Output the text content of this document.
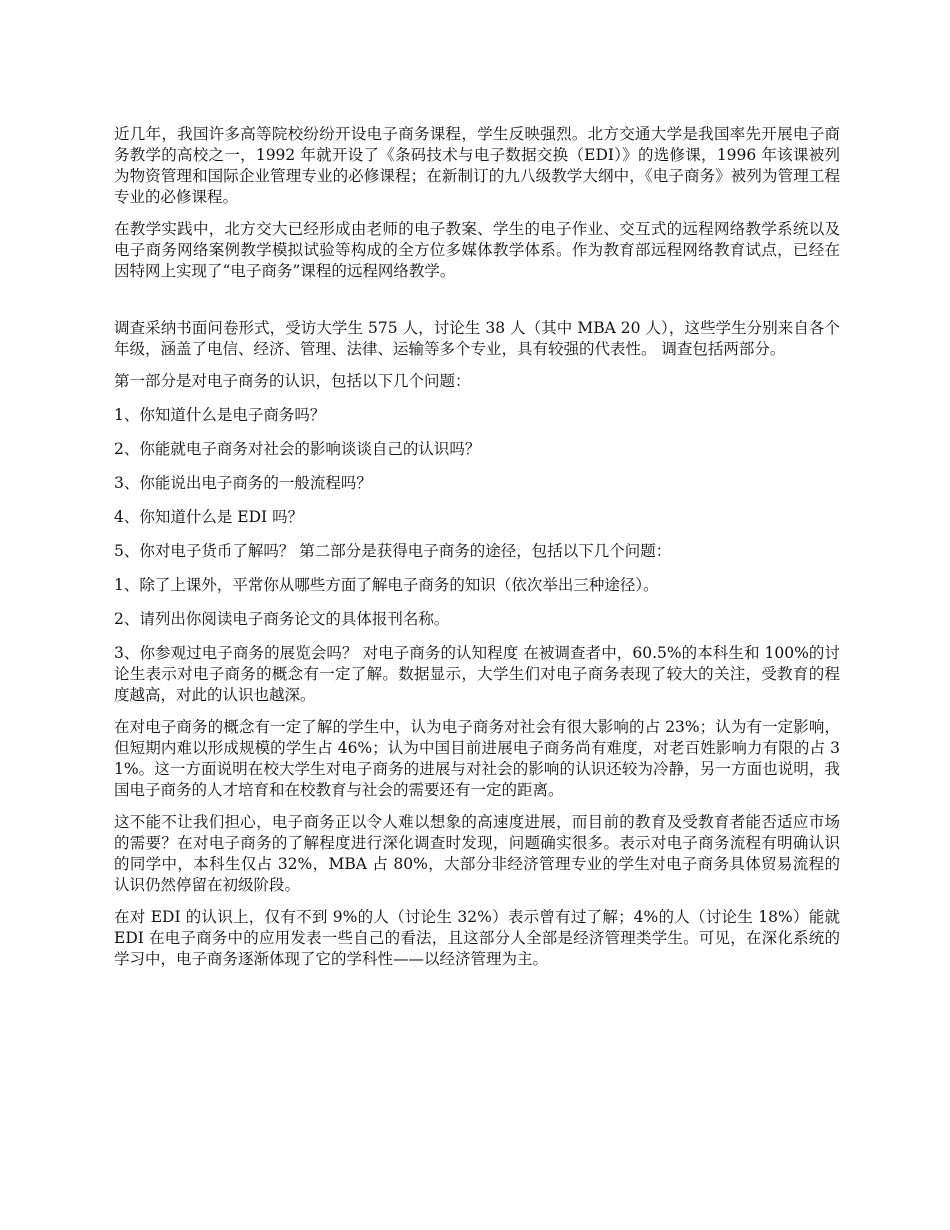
近几年，我国许多高等院校纷纷开设电子商务课程，学生反映强烈。北方交通大学是我国率先开展电子商务教学的高校之一，1992 年就开设了《条码技术与电子数据交换（EDI）》的选修课，1996 年该课被列为物资管理和国际企业管理专业的必修课程；在新制订的九八级教学大纲中，《电子商务》被列为管理工程专业的必修课程。

在教学实践中，北方交大已经形成由老师的电子教案、学生的电子作业、交互式的远程网络教学系统以及电子商务网络案例教学模拟试验等构成的全方位多媒体教学体系。作为教育部远程网络教育试点，已经在因特网上实现了“电子商务”课程的远程网络教学。

调查采纳书面问卷形式，受访大学生 575 人，讨论生 38 人（其中 MBA 20 人），这些学生分别来自各个年级，涵盖了电信、经济、管理、法律、运输等多个专业，具有较强的代表性。 调查包括两部分。

第一部分是对电子商务的认识，包括以下几个问题：

1、你知道什么是电子商务吗？

2、你能就电子商务对社会的影响谈谈自己的认识吗？

3、你能说出电子商务的一般流程吗？

4、你知道什么是 EDI 吗？

5、你对电子货币了解吗？ 第二部分是获得电子商务的途径，包括以下几个问题：

1、除了上课外，平常你从哪些方面了解电子商务的知识（依次举出三种途径）。

2、请列出你阅读电子商务论文的具体报刊名称。

3、你参观过电子商务的展览会吗？ 对电子商务的认知程度 在被调查者中，60.5%的本科生和 100%的讨论生表示对电子商务的概念有一定了解。数据显示，大学生们对电子商务表现了较大的关注，受教育的程度越高，对此的认识也越深。

在对电子商务的概念有一定了解的学生中，认为电子商务对社会有很大影响的占 23%；认为有一定影响，但短期内难以形成规模的学生占 46%；认为中国目前进展电子商务尚有难度，对老百姓影响力有限的占 31%。这一方面说明在校大学生对电子商务的进展与对社会的影响的认识还较为冷静，另一方面也说明，我国电子商务的人才培育和在校教育与社会的需要还有一定的距离。

这不能不让我们担心，电子商务正以令人难以想象的高速度进展，而目前的教育及受教育者能否适应市场的需要？在对电子商务的了解程度进行深化调查时发现，问题确实很多。表示对电子商务流程有明确认识的同学中，本科生仅占 32%，MBA 占 80%，大部分非经济管理专业的学生对电子商务具体贸易流程的认识仍然停留在初级阶段。

在对 EDI 的认识上，仅有不到 9%的人（讨论生 32%）表示曾有过了解；4%的人（讨论生 18%）能就 EDI 在电子商务中的应用发表一些自己的看法，且这部分人全部是经济管理类学生。可见，在深化系统的学习中，电子商务逐渐体现了它的学科性——以经济管理为主。
